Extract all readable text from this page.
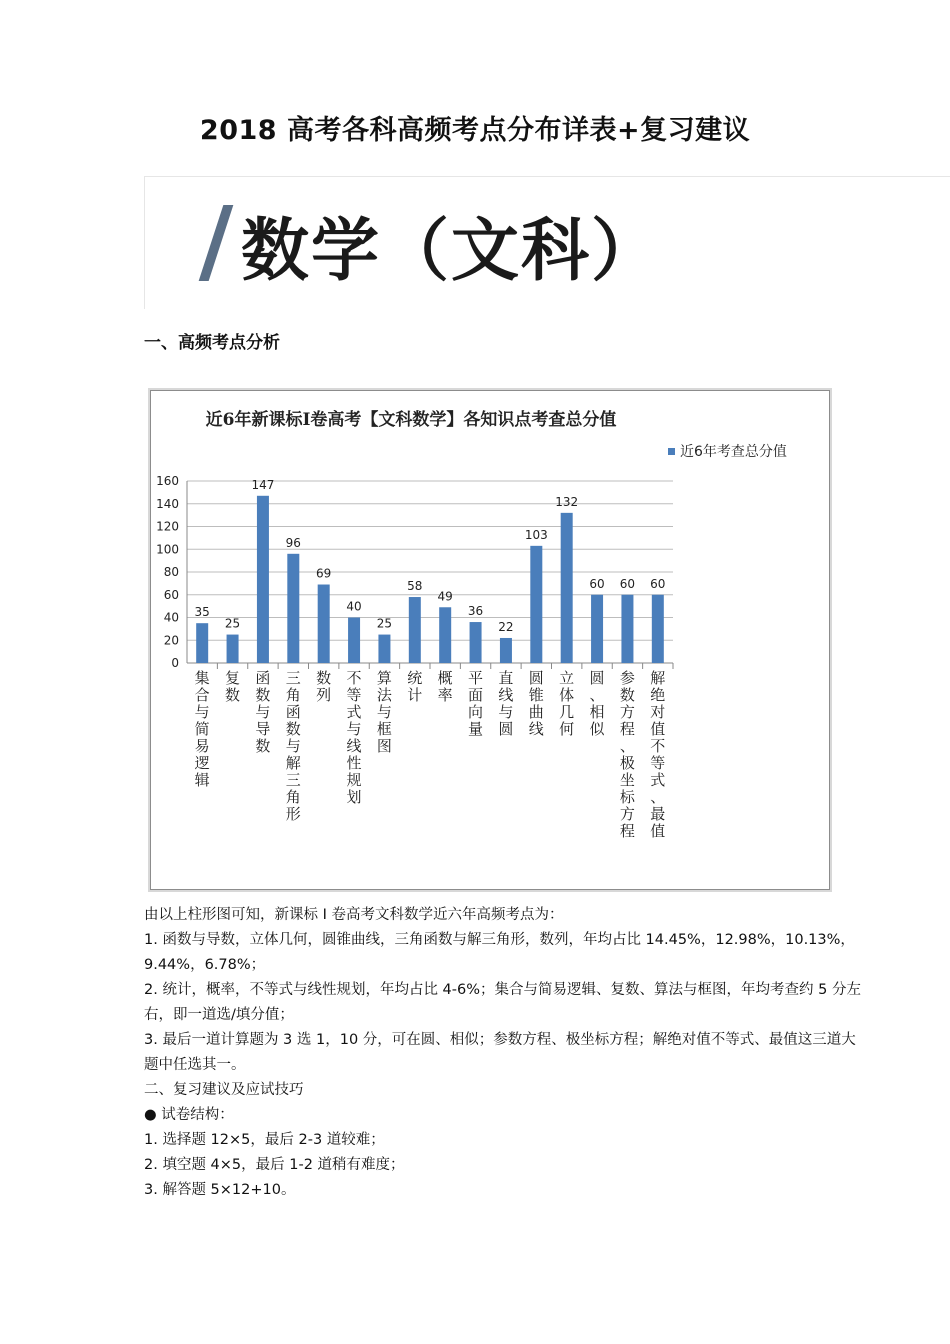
2018 高考各科高频考点分布详表+复习建议
数学（文科）
一、高频考点分析
近6年新课标I卷高考【文科数学】各知识点考查总分值
近6年考查总分值
0
20
40
60
80
100
120
140
160
35
集合与简易逻辑
25
复数
147
函数与导数
96
三角函数与解三角形
69
数列
40
不等式与线性规划
25
算法与框图
58
统计
49
概率
36
平面向量
22
直线与圆
103
圆锥曲线
132
立体几何
60
圆、相似
60
参数方程、极坐标方程
60
解绝对值不等式、最值

由以上柱形图可知，新课标 I 卷高考文科数学近六年高频考点为：

1. 函数与导数，立体几何，圆锥曲线，三角函数与解三角形，数列，年均占比 14.45%，12.98%，10.13%，9.44%，6.78%；

2. 统计，概率，不等式与线性规划，年均占比 4-6%；集合与简易逻辑、复数、算法与框图，年均考查约 5 分左右，即一道选/填分值；

3. 最后一道计算题为 3 选 1，10 分，可在圆、相似；参数方程、极坐标方程；解绝对值不等式、最值这三道大题中任选其一。

二、复习建议及应试技巧

● 试卷结构：

1. 选择题 12×5，最后 2-3 道较难；

2. 填空题 4×5，最后 1-2 道稍有难度；

3. 解答题 5×12+10。
